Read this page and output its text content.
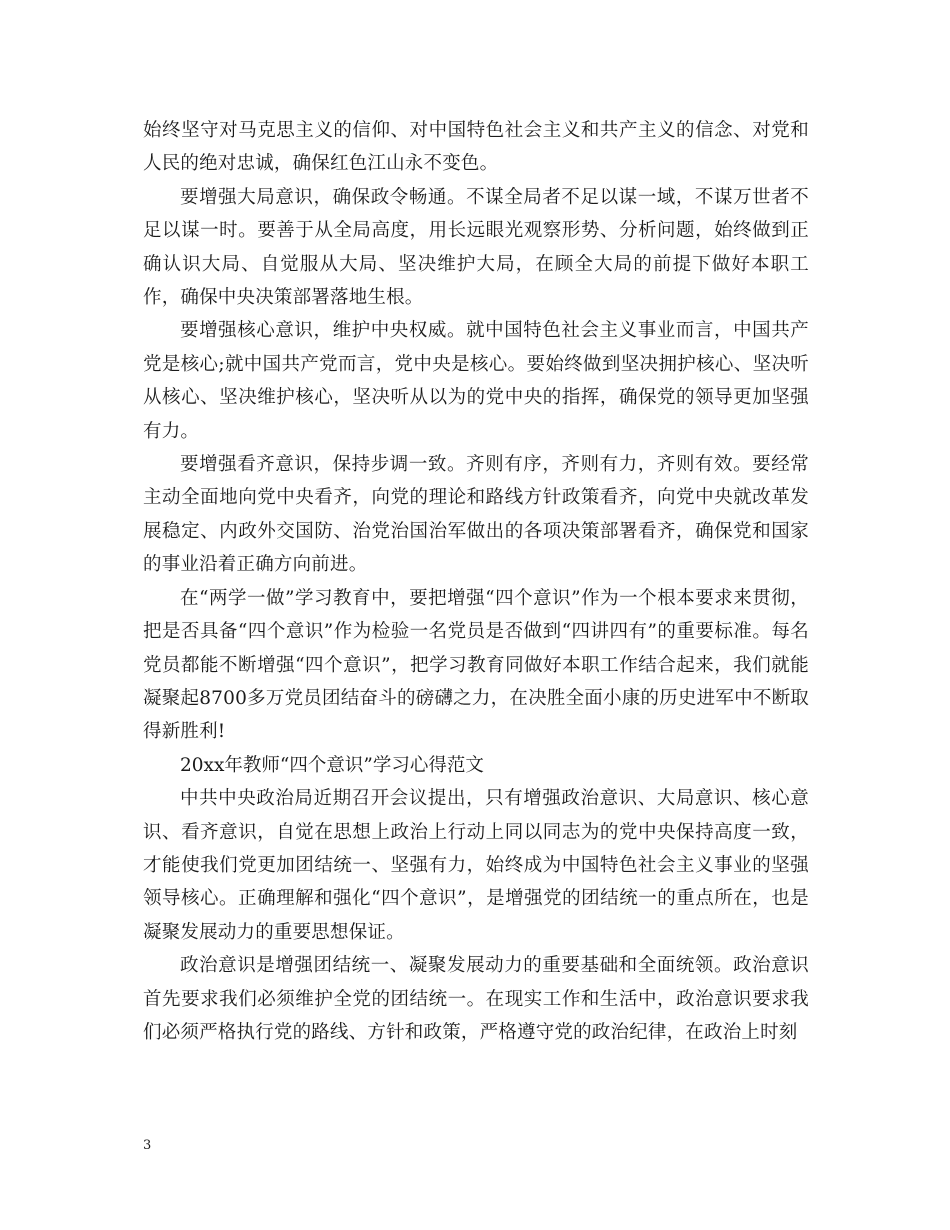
始终坚守对马克思主义的信仰、对中国特色社会主义和共产主义的信念、对党和人民的绝对忠诚，确保红色江山永不变色。

要增强大局意识，确保政令畅通。不谋全局者不足以谋一域，不谋万世者不足以谋一时。要善于从全局高度，用长远眼光观察形势、分析问题，始终做到正确认识大局、自觉服从大局、坚决维护大局，在顾全大局的前提下做好本职工作，确保中央决策部署落地生根。

要增强核心意识，维护中央权威。就中国特色社会主义事业而言，中国共产党是核心;就中国共产党而言，党中央是核心。要始终做到坚决拥护核心、坚决听从核心、坚决维护核心，坚决听从以为的党中央的指挥，确保党的领导更加坚强有力。

要增强看齐意识，保持步调一致。齐则有序，齐则有力，齐则有效。要经常主动全面地向党中央看齐，向党的理论和路线方针政策看齐，向党中央就改革发展稳定、内政外交国防、治党治国治军做出的各项决策部署看齐，确保党和国家的事业沿着正确方向前进。

在“两学一做”学习教育中，要把增强“四个意识”作为一个根本要求来贯彻，把是否具备“四个意识”作为检验一名党员是否做到“四讲四有”的重要标准。每名党员都能不断增强“四个意识”，把学习教育同做好本职工作结合起来，我们就能凝聚起8700多万党员团结奋斗的磅礴之力，在决胜全面小康的历史进军中不断取得新胜利!

20xx年教师“四个意识”学习心得范文

中共中央政治局近期召开会议提出，只有增强政治意识、大局意识、核心意识、看齐意识，自觉在思想上政治上行动上同以同志为的党中央保持高度一致，才能使我们党更加团结统一、坚强有力，始终成为中国特色社会主义事业的坚强领导核心。正确理解和强化“四个意识”，是增强党的团结统一的重点所在，也是凝聚发展动力的重要思想保证。

政治意识是增强团结统一、凝聚发展动力的重要基础和全面统领。政治意识首先要求我们必须维护全党的团结统一。在现实工作和生活中，政治意识要求我们必须严格执行党的路线、方针和政策，严格遵守党的政治纪律，在政治上时刻

3
